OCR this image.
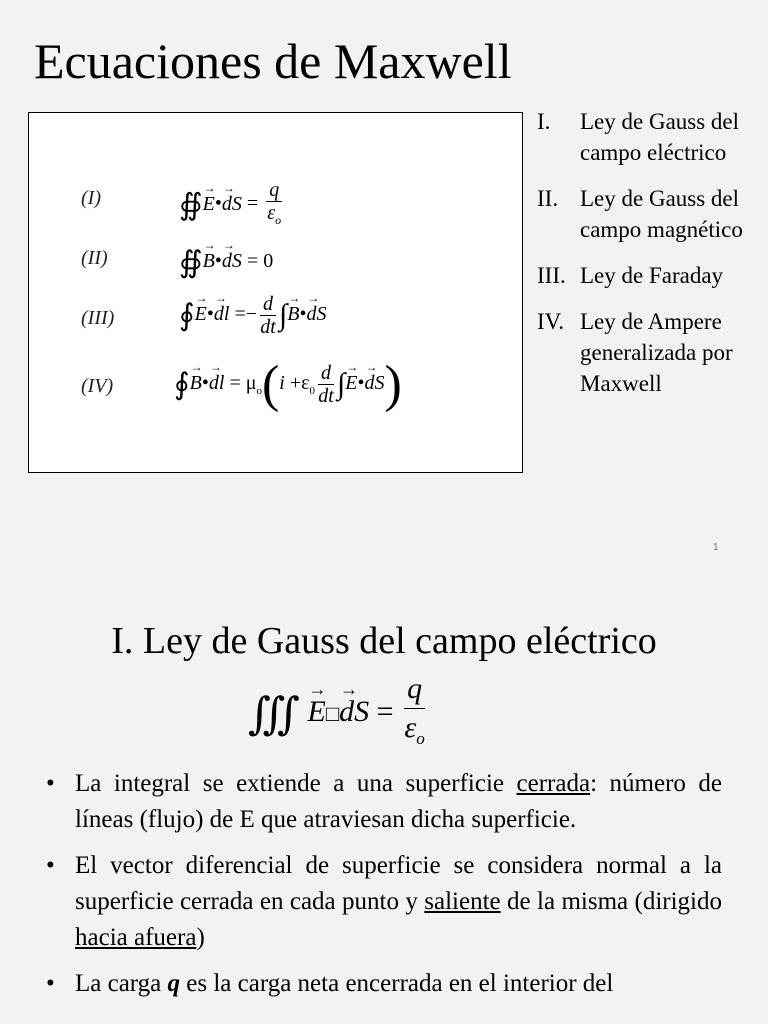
Ecuaciones de Maxwell
(I)	∯→ E•→ dS = $\frac{q}{\varepsilon_o}$
(II) ∯→ B•→ dS = 0
(III) ∮→ E•→ dl =− $\frac{d}{dt}$ ∫→ B•→ dS
(IV) ∮→ B•→ dl = $\mu_o(i +\varepsilon_0 \frac{d}{dt}$ ∫→ E•→ dS)
I. Ley de Gauss del campo eléctrico
II. Ley de Gauss del campo magnético
III. Ley de Faraday
IV. Ley de Ampere generalizada por Maxwell
1
I. Ley de Gauss del campo eléctrico
∭ → E□→ dS = $\frac{q}{\varepsilon_o}$
• La integral se extiende a una superficie cerrada: número de líneas (flujo) de E que atraviesan dicha superficie.
• El vector diferencial de superficie se considera normal a la superficie cerrada en cada punto y saliente de la misma (dirigido hacia afuera)
• La carga q es la carga neta encerrada en el interior del
